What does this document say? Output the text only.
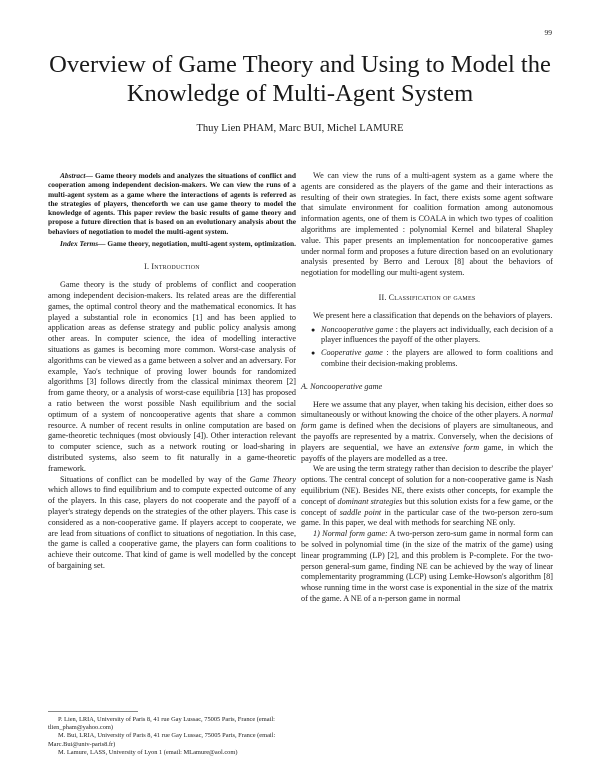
99
Overview of Game Theory and Using to Model the Knowledge of Multi-Agent System
Thuy Lien PHAM, Marc BUI, Michel LAMURE

Abstract— Game theory models and analyzes the situations of conflict and cooperation among independent decision-makers. We can view the runs of a multi-agent system as a game where the interactions of agents is referred as the strategies of players, thenceforth we can use game theory to model the knowledge of agents. This paper review the basic results of game theory and propose a future direction that is based on an evolutionary analysis about the behaviors of negotiation to model the multi-agent system.

Index Terms— Game theory, negotiation, multi-agent system, optimization.

I. Introduction

Game theory is the study of problems of conflict and cooperation among independent decision-makers. Its related areas are the differential games, the optimal control theory and the mathematical economics. It has played a substantial role in economics [1] and has been applied to application areas as defense strategy and public policy analysis among other areas. In computer science, the idea of modelling interactive situations as games is becoming more common. Worst-case analysis of algorithms can be viewed as a game between a solver and an adversary. For example, Yao's technique of proving lower bounds for randomized algorithms [3] follows directly from the classical minimax theorem [2] from game theory, or a analysis of worst-case equilibria [13] has proposed a ratio between the worst possible Nash equilibrium and the social optimum of a system of noncooperative agents that share a common resource. A number of recent results in online computation are based on game-theoretic techniques (most obviously [4]). Other interaction relevant to computer science, such as a network routing or load-sharing in distributed systems, also seem to fit naturally in a game-theoretic framework.

Situations of conflict can be modelled by way of the Game Theory which allows to find equilibrium and to compute expected outcome of any of the players. In this case, players do not cooperate and the payoff of a player's strategy depends on the strategies of the other players. This case is considered as a non-cooperative game. If players accept to cooperate, we are lead from situations of conflict to situations of negotiation. In this case, the game is called a cooperative game, the players can form coalitions to achieve their outcome. That kind of game is well modelled by the concept of bargaining set.

P. Lien, LRIA, University of Paris 8, 41 rue Gay Lussac, 75005 Paris, France (email: tlien_pham@yahoo.com)

M. Bui, LRIA, University of Paris 8, 41 rue Gay Lussac, 75005 Paris, France (email: Marc.Bui@univ-paris8.fr)

M. Lamure, LASS, University of Lyon 1 (email: MLamure@aol.com)

We can view the runs of a multi-agent system as a game where the agents are considered as the players of the game and their interactions as resulting of their own strategies. In fact, there exists some agent software that simulate environment for coalition formation among autonomous information agents, one of them is COALA in which two types of coalition algorithms are implemented : polynomial Kernel and bilateral Shapley value. This paper presents an implementation for noncooperative games under normal form and proposes a future direction based on an evolutionary analysis presented by Berro and Leroux [8] about the behaviors of negotiation for modelling our multi-agent system.

II. Classification of games

We present here a classification that depends on the behaviors of players.

● Noncooperative game : the players act individually, each decision of a player influences the payoff of the other players.
● Cooperative game : the players are allowed to form coalitions and combine their decision-making problems.

A. Noncooperative game

Here we assume that any player, when taking his decision, either does so simultaneously or without knowing the choice of the other players. A normal form game is defined when the decisions of players are simultaneous, and the payoffs are represented by a matrix. Conversely, when the decisions of players are sequential, we have an extensive form game, in which the payoffs of the players are modelled as a tree.

We are using the term strategy rather than decision to describe the player' options. The central concept of solution for a non-cooperative game is Nash equilibrium (NE). Besides NE, there exists other concepts, for example the concept of dominant strategies but this solution exists for a few game, or the concept of saddle point in the particular case of the two-person zero-sum game. In this paper, we deal with methods for searching NE only.

1) Normal form game: A two-person zero-sum game in normal form can be solved in polynomial time (in the size of the matrix of the game) using linear programming (LP) [2], and this problem is P-complete. For the two-person general-sum game, finding NE can be achieved by the way of linear complementarity programming (LCP) using Lemke-Howson's algorithm [8] whose running time in the worst case is exponential in the size of the matrix of the game. A NE of a n-person game in normal
